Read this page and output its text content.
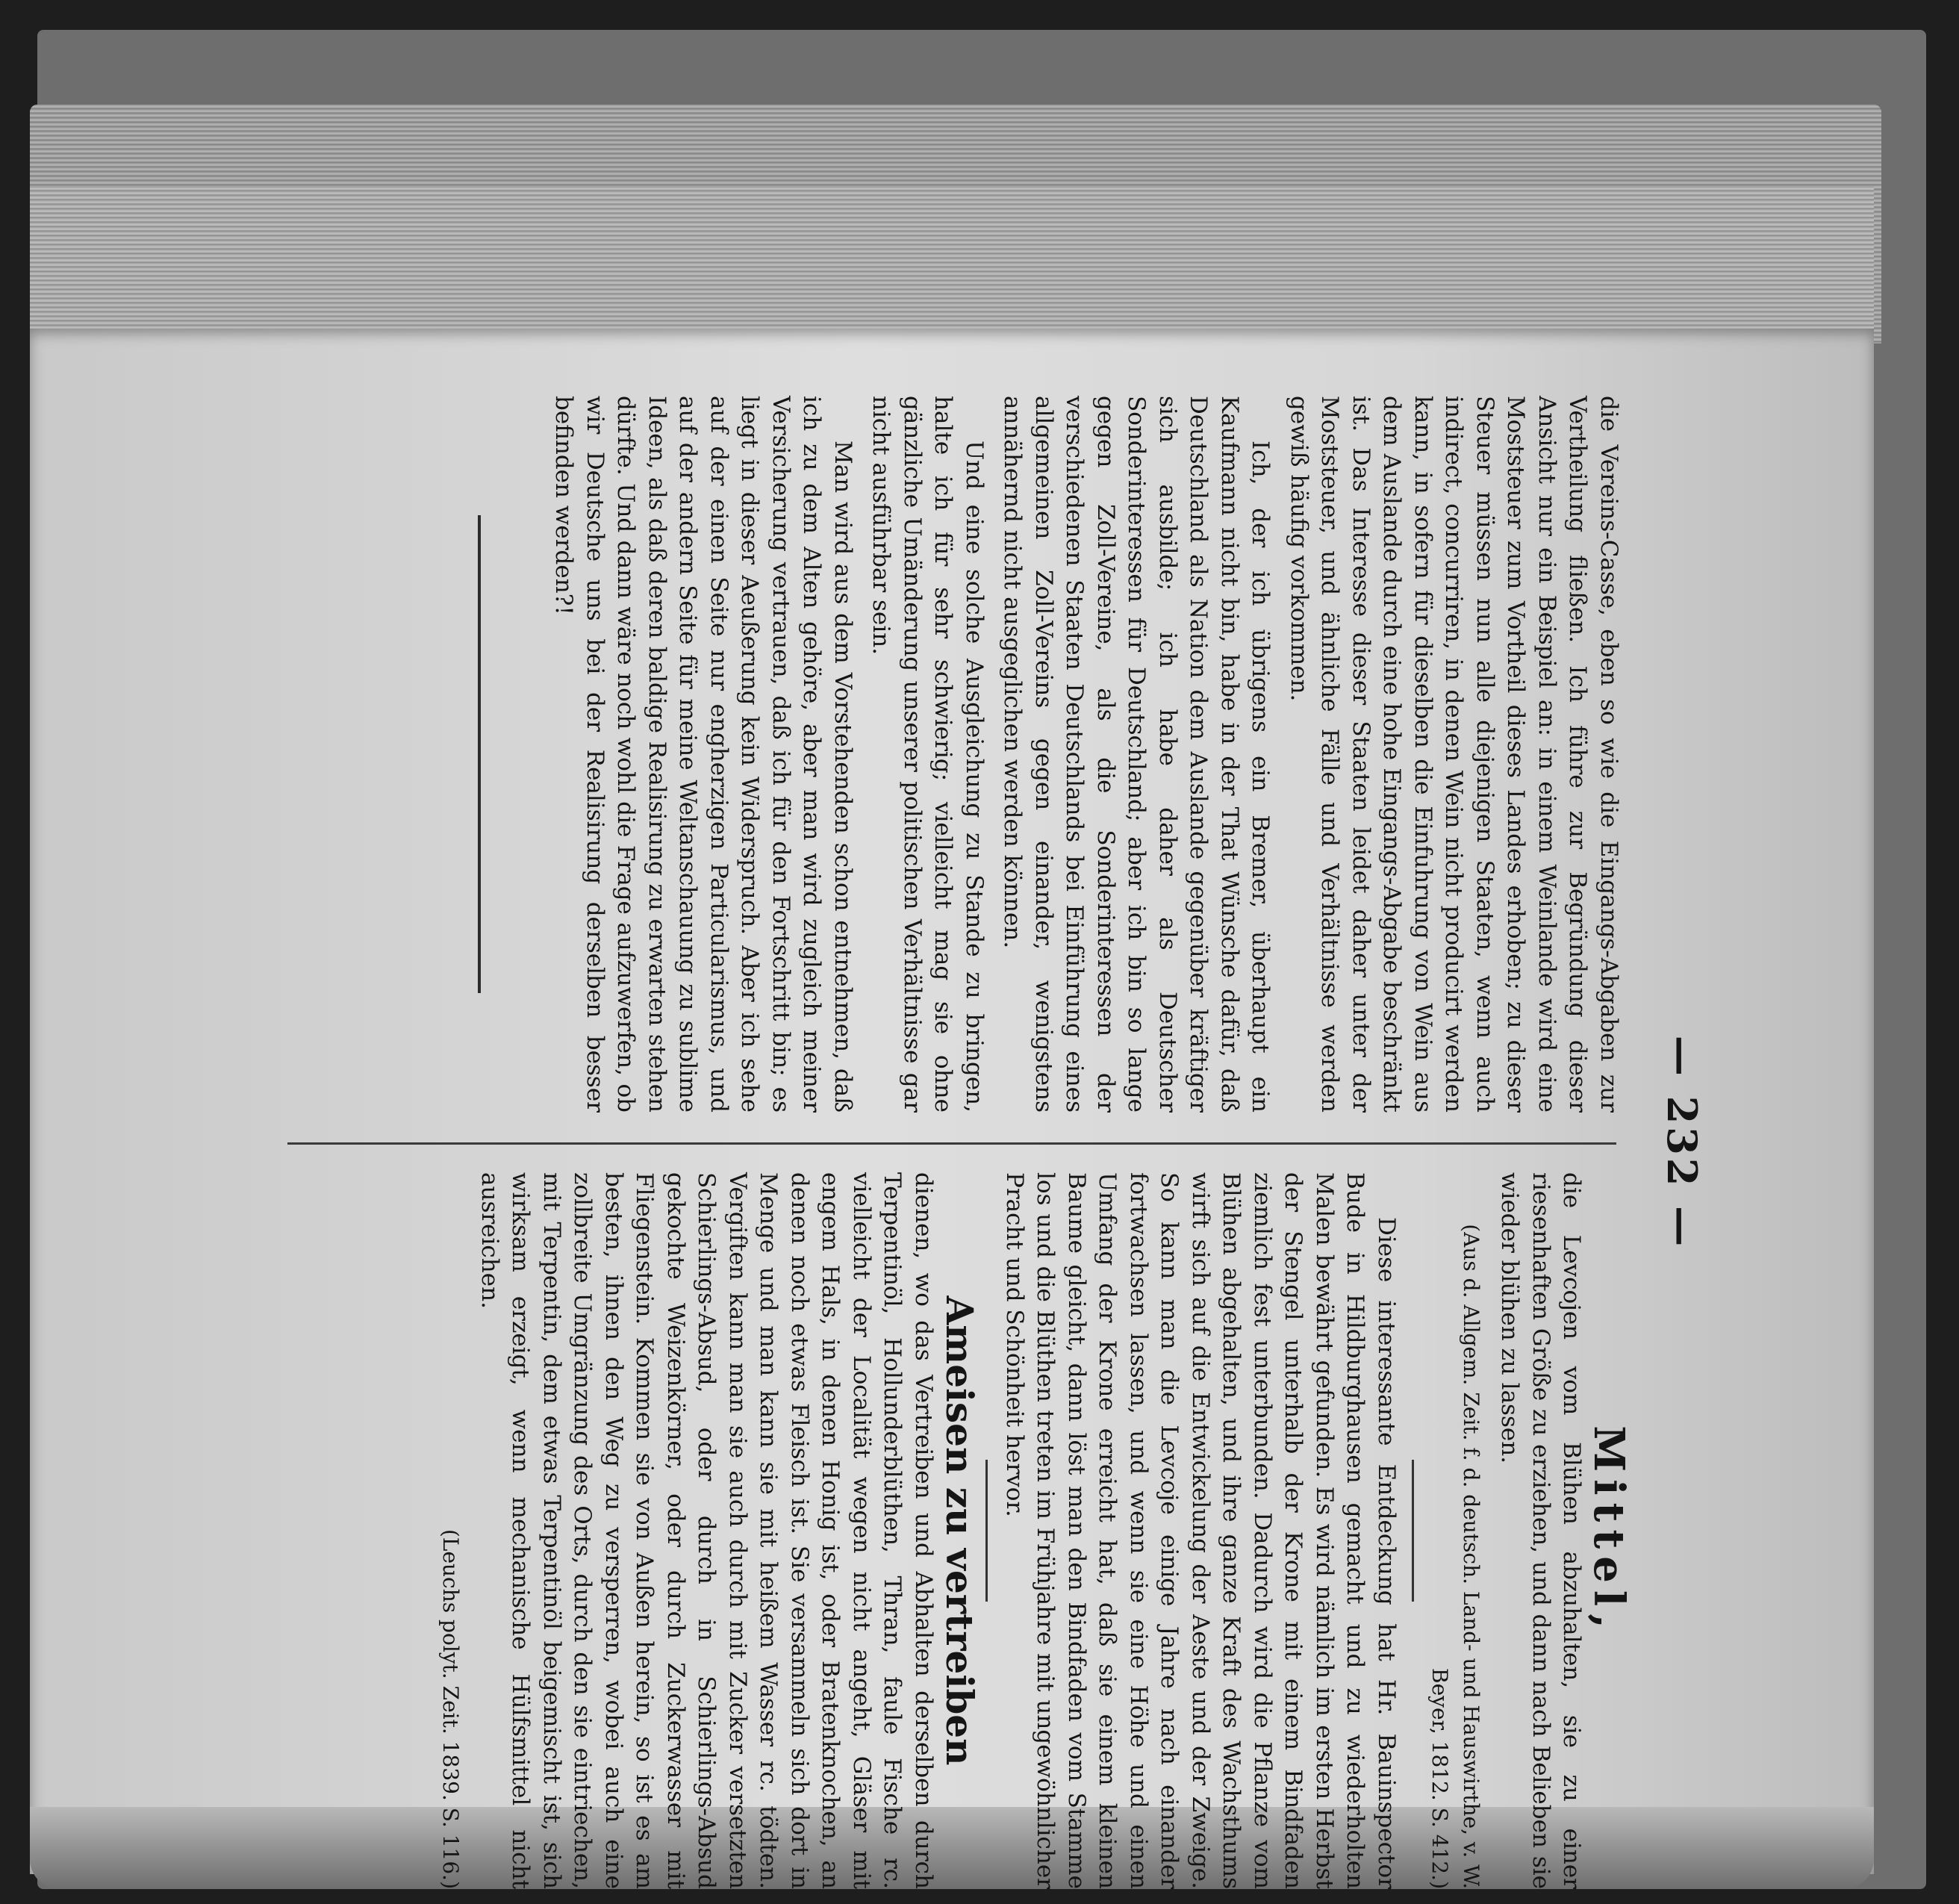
— 232 —

die Vereins-Casse, eben so wie die Eingangs-Abgaben zur Vertheilung fließen. Ich führe zur Begründung dieser Ansicht nur ein Beispiel an: in einem Weinlande wird eine Moststeuer zum Vortheil dieses Landes erhoben; zu dieser Steuer müssen nun alle diejenigen Staaten, wenn auch indirect, concurriren, in denen Wein nicht producirt werden kann, in sofern für dieselben die Einfuhrung von Wein aus dem Auslande durch eine hohe Eingangs-Abgabe beschränkt ist. Das Interesse dieser Staaten leidet daher unter der Moststeuer, und ähnliche Fälle und Verhältnisse werden gewiß häufig vorkommen.

Ich, der ich übrigens ein Bremer, überhaupt ein Kaufmann nicht bin, habe in der That Wünsche dafür, daß Deutschland als Nation dem Auslande gegenüber kräftiger sich ausbilde; ich habe daher als Deutscher Sonderinteressen für Deutschland; aber ich bin so lange gegen Zoll-Vereine, als die Sonderinteressen der verschiedenen Staaten Deutschlands bei Einführung eines allgemeinen Zoll-Vereins gegen einander, wenigstens annähernd nicht ausgeglichen werden können.

Und eine solche Ausgleichung zu Stande zu bringen, halte ich für sehr schwierig; vielleicht mag sie ohne gänzliche Umänderung unserer politischen Verhältnisse gar nicht ausführbar sein.

Man wird aus dem Vorstehenden schon entnehmen, daß ich zu dem Alten gehöre, aber man wird zugleich meiner Versicherung vertrauen, daß ich für den Fortschritt bin; es liegt in dieser Aeußerung kein Widerspruch. Aber ich sehe auf der einen Seite nur engherzigen Particularismus, und auf der andern Seite für meine Weltanschauung zu sublime Ideen, als daß deren baldige Realisirung zu erwarten stehen dürfte. Und dann wäre noch wohl die Frage aufzuwerfen, ob wir Deutsche uns bei der Realisirung derselben besser befinden werden?!

Mittel,

die Levcojen vom Blühen abzuhalten, sie zu einer riesenhaften Größe zu erziehen, und dann nach Belieben sie wieder blühen zu lassen.

(Aus d. Allgem. Zeit. f. d. deutsch. Land- und Hauswirthe, v. W. Beyer, 1812. S. 412.)

Diese interessante Entdeckung hat Hr. Bauinspector Bude in Hildburghausen gemacht und zu wiederholten Malen bewährt gefunden. Es wird nämlich im ersten Herbst der Stengel unterhalb der Krone mit einem Bindfaden ziemlich fest unterbunden. Dadurch wird die Pflanze vom Blühen abgehalten, und ihre ganze Kraft des Wachsthums wirft sich auf die Entwickelung der Aeste und der Zweige. So kann man die Levcoje einige Jahre nach einander fortwachsen lassen, und wenn sie eine Höhe und einen Umfang der Krone erreicht hat, daß sie einem kleinen Baume gleicht, dann löst man den Bindfaden vom Stamme los und die Blüthen treten im Frühjahre mit ungewöhnlicher Pracht und Schönheit hervor.

Ameisen zu vertreiben

dienen, wo das Vertreiben und Abhalten derselben durch Terpentinöl, Hollunderblüthen, Thran, faule Fische rc. vielleicht der Localität wegen nicht angeht, Gläser mit engem Hals, in denen Honig ist, oder Bratenknochen, an denen noch etwas Fleisch ist. Sie versammeln sich dort in Menge und man kann sie mit heißem Wasser rc. tödten. Vergiften kann man sie auch durch mit Zucker versetzten Schierlings-Absud, oder durch in Schierlings-Absud gekochte Weizenkörner, oder durch Zuckerwasser mit Fliegenstein. Kommen sie von Außen herein, so ist es am besten, ihnen den Weg zu versperren, wobei auch eine zollbreite Umgränzung des Orts, durch den sie eintriechen, mit Terpentin, dem etwas Terpentinöl beigemischt ist, sich wirksam erzeigt, wenn mechanische Hülfsmittel nicht ausreichen.

(Leuchs polyt. Zeit. 1839. S. 116.)
